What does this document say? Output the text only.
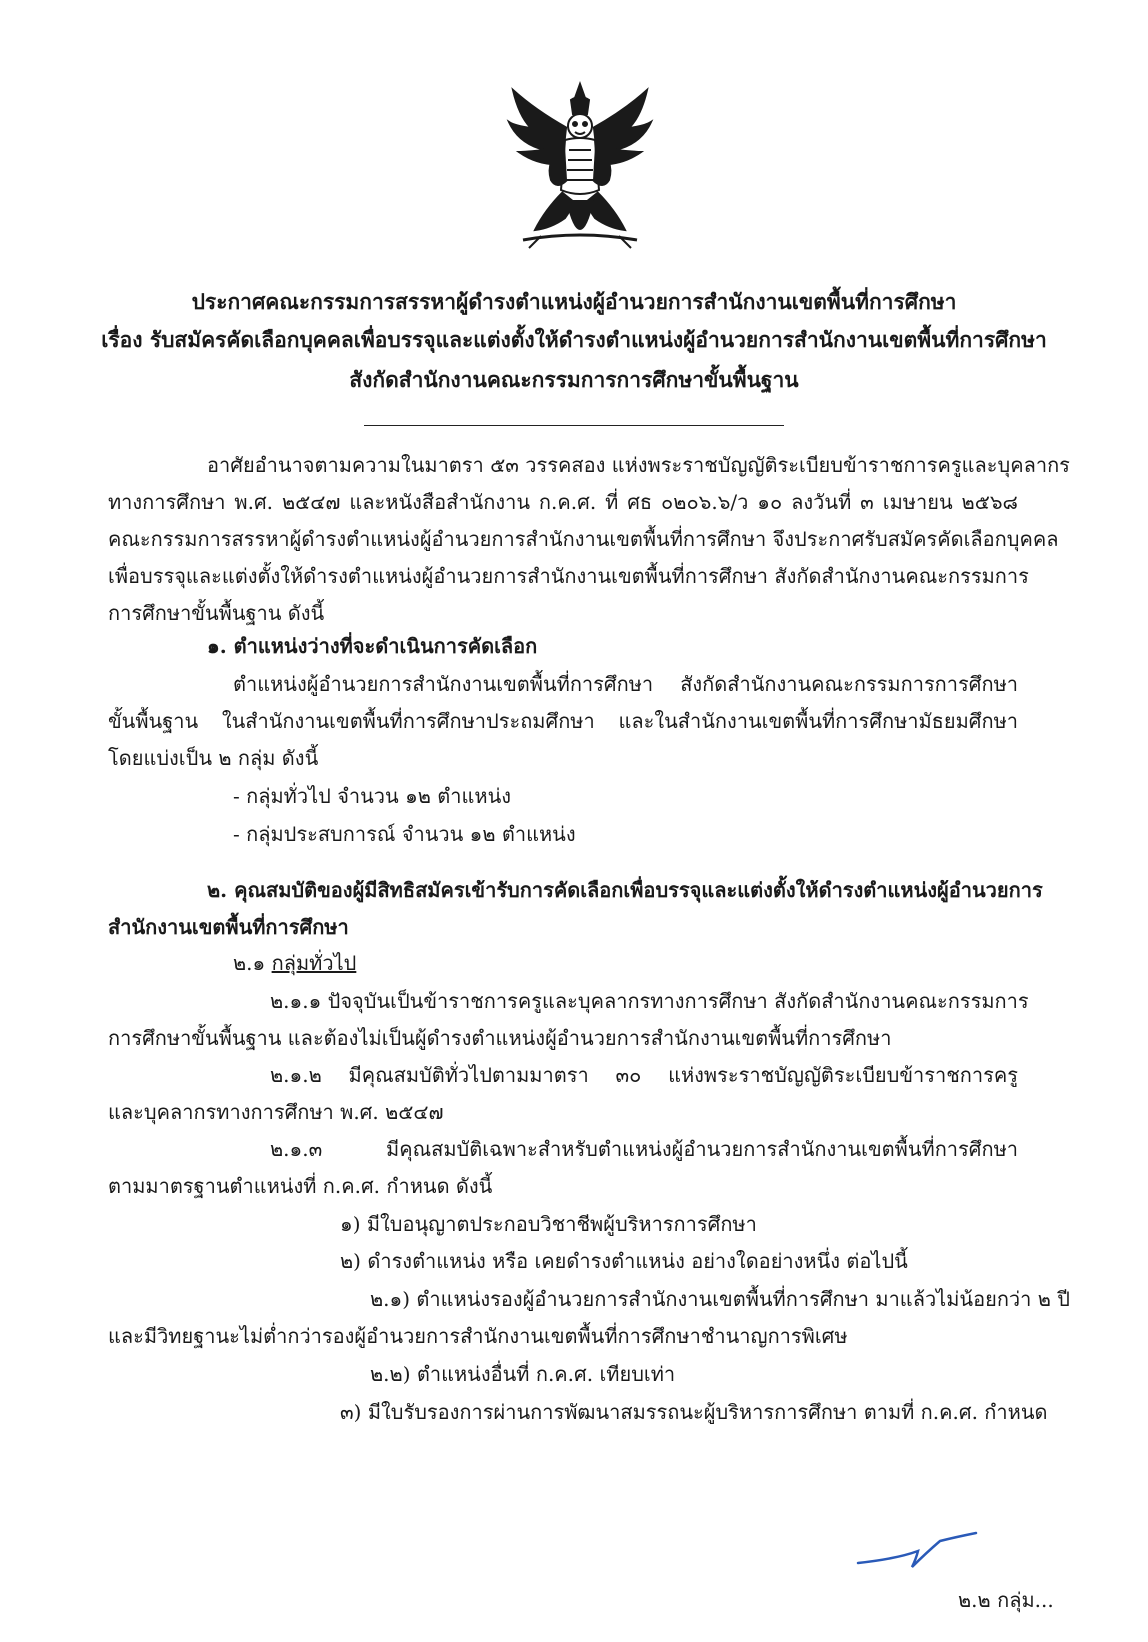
ประกาศคณะกรรมการสรรหาผู้ดำรงตำแหน่งผู้อำนวยการสำนักงานเขตพื้นที่การศึกษา
เรื่อง รับสมัครคัดเลือกบุคคลเพื่อบรรจุและแต่งตั้งให้ดำรงตำแหน่งผู้อำนวยการสำนักงานเขตพื้นที่การศึกษา
สังกัดสำนักงานคณะกรรมการการศึกษาขั้นพื้นฐาน
อาศัยอำนาจตามความในมาตรา ๕๓ วรรคสอง แห่งพระราชบัญญัติระเบียบข้าราชการครูและบุคลากร
ทางการศึกษา พ.ศ. ๒๕๔๗ และหนังสือสำนักงาน ก.ค.ศ. ที่ ศธ ๐๒๐๖.๖/ว ๑๐ ลงวันที่ ๓ เมษายน ๒๕๖๘
คณะกรรมการสรรหาผู้ดำรงตำแหน่งผู้อำนวยการสำนักงานเขตพื้นที่การศึกษา จึงประกาศรับสมัครคัดเลือกบุคคล
เพื่อบรรจุและแต่งตั้งให้ดำรงตำแหน่งผู้อำนวยการสำนักงานเขตพื้นที่การศึกษา สังกัดสำนักงานคณะกรรมการ
การศึกษาขั้นพื้นฐาน ดังนี้
๑. ตำแหน่งว่างที่จะดำเนินการคัดเลือก
ตำแหน่งผู้อำนวยการสำนักงานเขตพื้นที่การศึกษา สังกัดสำนักงานคณะกรรมการการศึกษา
ขั้นพื้นฐาน ในสำนักงานเขตพื้นที่การศึกษาประถมศึกษา และในสำนักงานเขตพื้นที่การศึกษามัธยมศึกษา
โดยแบ่งเป็น ๒ กลุ่ม ดังนี้
- กลุ่มทั่วไป จำนวน ๑๒ ตำแหน่ง
- กลุ่มประสบการณ์ จำนวน ๑๒ ตำแหน่ง
๒. คุณสมบัติของผู้มีสิทธิสมัครเข้ารับการคัดเลือกเพื่อบรรจุและแต่งตั้งให้ดำรงตำแหน่งผู้อำนวยการ
สำนักงานเขตพื้นที่การศึกษา
๒.๑ กลุ่มทั่วไป
๒.๑.๑ ปัจจุบันเป็นข้าราชการครูและบุคลากรทางการศึกษา สังกัดสำนักงานคณะกรรมการ
การศึกษาขั้นพื้นฐาน และต้องไม่เป็นผู้ดำรงตำแหน่งผู้อำนวยการสำนักงานเขตพื้นที่การศึกษา
๒.๑.๒ มีคุณสมบัติทั่วไปตามมาตรา ๓๐ แห่งพระราชบัญญัติระเบียบข้าราชการครู
และบุคลากรทางการศึกษา พ.ศ. ๒๕๔๗
๒.๑.๓ มีคุณสมบัติเฉพาะสำหรับตำแหน่งผู้อำนวยการสำนักงานเขตพื้นที่การศึกษา
ตามมาตรฐานตำแหน่งที่ ก.ค.ศ. กำหนด ดังนี้
๑) มีใบอนุญาตประกอบวิชาชีพผู้บริหารการศึกษา
๒) ดำรงตำแหน่ง หรือ เคยดำรงตำแหน่ง อย่างใดอย่างหนึ่ง ต่อไปนี้
๒.๑) ตำแหน่งรองผู้อำนวยการสำนักงานเขตพื้นที่การศึกษา มาแล้วไม่น้อยกว่า ๒ ปี
และมีวิทยฐานะไม่ต่ำกว่ารองผู้อำนวยการสำนักงานเขตพื้นที่การศึกษาชำนาญการพิเศษ
๒.๒) ตำแหน่งอื่นที่ ก.ค.ศ. เทียบเท่า
๓) มีใบรับรองการผ่านการพัฒนาสมรรถนะผู้บริหารการศึกษา ตามที่ ก.ค.ศ. กำหนด
๒.๒ กลุ่ม...
